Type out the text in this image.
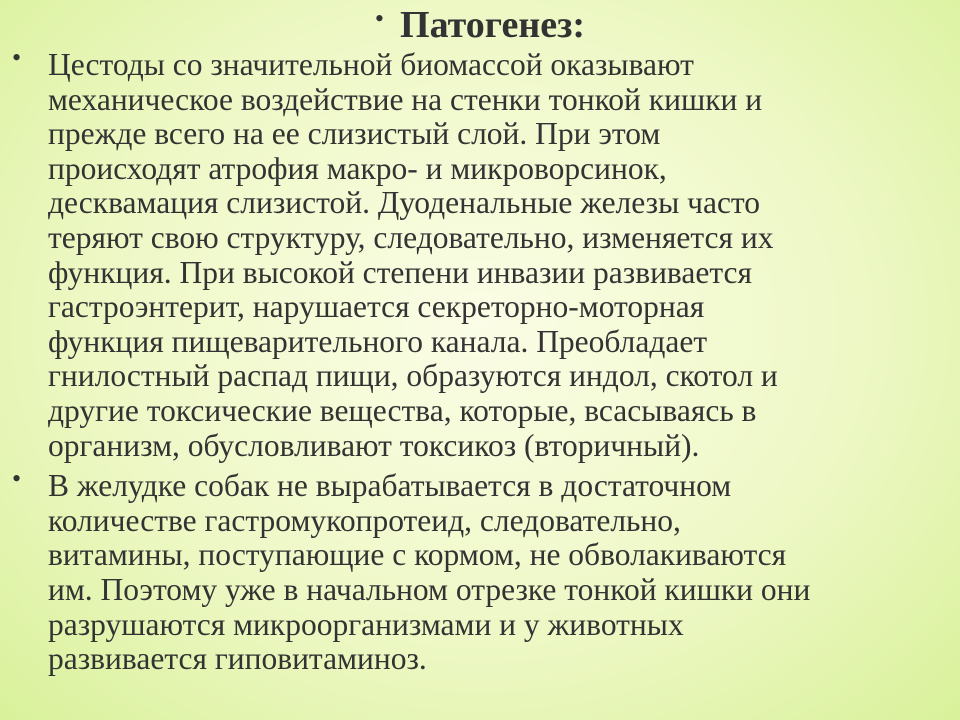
• Патогенез:
• Цестоды со значительной биомассой оказывают
механическое воздействие на стенки тонкой кишки и
прежде всего на ее слизистый слой. При этом
происходят атрофия макро- и микроворсинок,
десквамация слизистой. Дуоденальные железы часто
теряют свою структуру, следовательно, изменяется их
функция. При высокой степени инвазии развивается
гастроэнтерит, нарушается секреторно-моторная
функция пищеварительного канала. Преобладает
гнилостный распад пищи, образуются индол, скотол и
другие токсические вещества, которые, всасываясь в
организм, обусловливают токсикоз (вторичный).
• В желудке собак не вырабатывается в достаточном
количестве гастромукопротеид, следовательно,
витамины, поступающие с кормом, не обволакиваются
им. Поэтому уже в начальном отрезке тонкой кишки они
разрушаются микроорганизмами и у животных
развивается гиповитаминоз.
